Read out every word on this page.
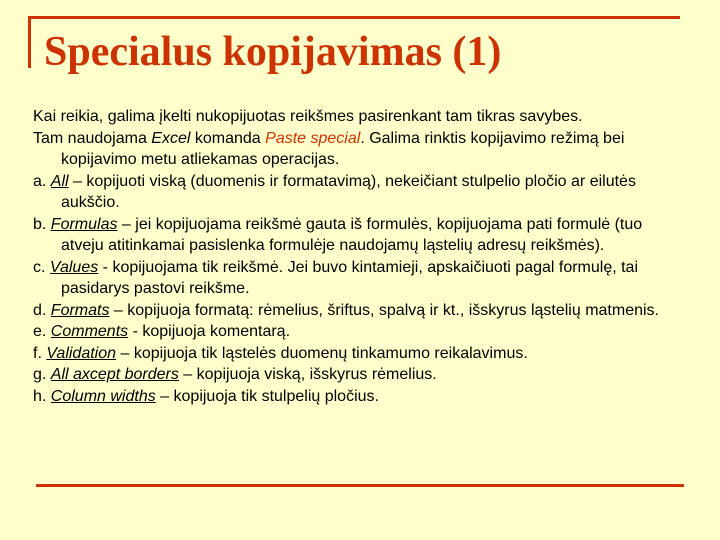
Specialus kopijavimas (1)

Kai reikia, galima įkelti nukopijuotas reikšmes pasirenkant tam tikras savybes.

Tam naudojama Excel komanda Paste special. Galima rinktis kopijavimo režimą bei kopijavimo metu atliekamas operacijas.

a. All – kopijuoti viską (duomenis ir formatavimą), nekeičiant stulpelio pločio ar eilutės aukščio.

b. Formulas – jei kopijuojama reikšmė gauta iš formulės, kopijuojama pati formulė (tuo atveju atitinkamai pasislenka formulėje naudojamų ląstelių adresų reikšmės).

c. Values - kopijuojama tik reikšmė. Jei buvo kintamieji, apskaičiuoti pagal formulę, tai pasidarys pastovi reikšme.

d. Formats – kopijuoja formatą: rėmelius, šriftus, spalvą ir kt., išskyrus ląstelių matmenis.

e. Comments - kopijuoja komentarą.

f. Validation – kopijuoja tik ląstelės duomenų tinkamumo reikalavimus.

g. All axcept borders – kopijuoja viską, išskyrus rėmelius.

h. Column widths – kopijuoja tik stulpelių pločius.
